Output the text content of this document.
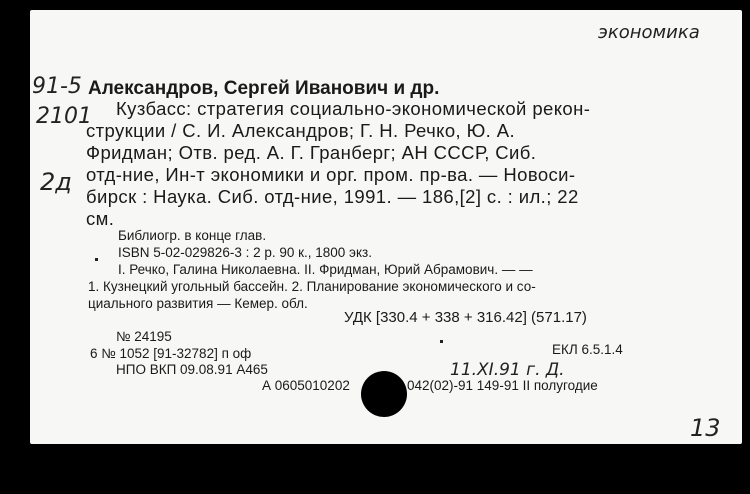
экономика
91-5
2101
2д
11.XI.91 г. Д.
13
Александров, Сергей Иванович и др.
Кузбасс: стратегия социально-экономической рекон-
струкции / С. И. Александров; Г. Н. Речко, Ю. А.
Фридман; Отв. ред. А. Г. Гранберг; АН СССР, Сиб.
отд-ние, Ин-т экономики и орг. пром. пр-ва. — Новоси-
бирск : Наука. Сиб. отд-ние, 1991. — 186,[2] с. : ил.; 22
см.
Библиогр. в конце глав.
ISBN 5-02-029826-3 : 2 р. 90 к., 1800 экз.
I. Речко, Галина Николаевна. II. Фридман, Юрий Абрамович. — —
1. Кузнецкий угольный бассейн. 2. Планирование экономического и со-
циального развития — Кемер. обл.
УДК [330.4 + 338 + 316.42] (571.17)
№ 24195
6 № 1052 [91-32782] п оф	ЕКЛ 6.5.1.4
НПО ВКП 09.08.91 А465
А 0605010202	042(02)-91 149-91 II полугодие
